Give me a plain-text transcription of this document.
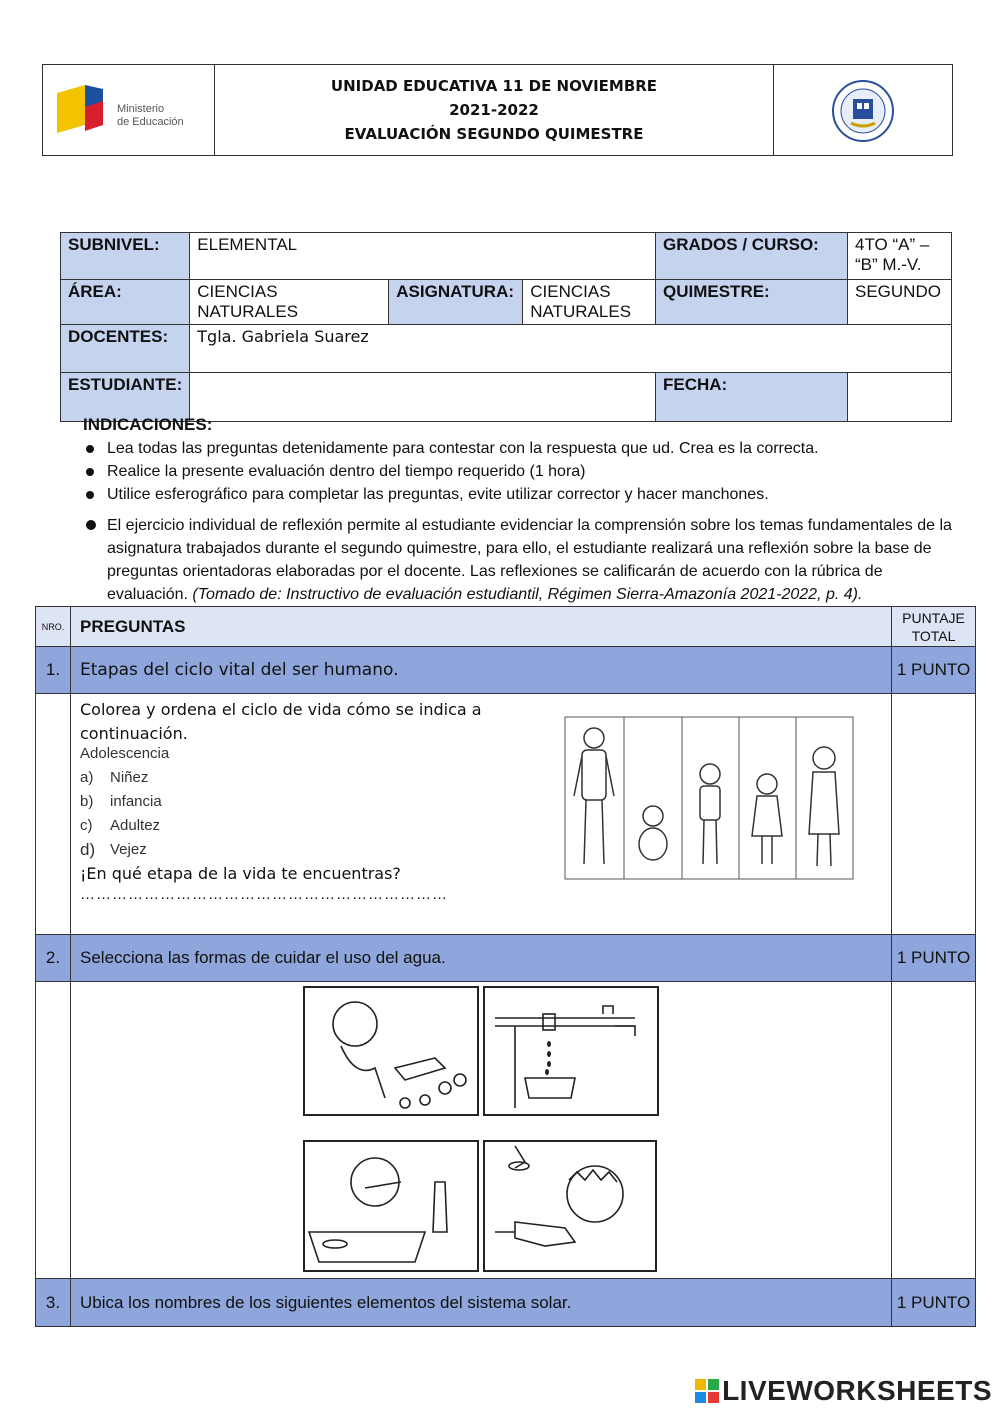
Ministerio
de Educación
UNIDAD EDUCATIVA 11 DE NOVIEMBRE
2021-2022
EVALUACIÓN SEGUNDO QUIMESTRE
SUBNIVEL:	ELEMENTAL			GRADOS / CURSO:	4TO “A” – “B” M.-V.
ÁREA:	CIENCIAS NATURALES	ASIGNATURA:	CIENCIAS NATURALES	QUIMESTRE:	SEGUNDO
DOCENTES:	Tgla. Gabriela Suarez				
ESTUDIANTE:				FECHA:	
INDICACIONES:
Lea todas las preguntas detenidamente para contestar con la respuesta que ud. Crea es la correcta.
Realice la presente evaluación dentro del tiempo requerido (1 hora)
Utilice esferográfico para completar las preguntas, evite utilizar corrector y hacer manchones.
El ejercicio individual de reflexión permite al estudiante evidenciar la comprensión sobre los temas fundamentales de la asignatura trabajados durante el segundo quimestre, para ello, el estudiante realizará una reflexión sobre la base de preguntas orientadoras elaboradas por el docente. Las reflexiones se calificarán de acuerdo con la rúbrica de evaluación. (Tomado de: Instructivo de evaluación estudiantil, Régimen Sierra-Amazonía 2021-2022, p. 4).
NRO. PREGUNTAS	PUNTAJE TOTAL
1.	Etapas del ciclo vital del ser humano.	1 PUNTO
Colorea y ordena el ciclo de vida cómo se indica a continuación.
Adolescencia
a)	Niñez
b)	infancia
c)	Adultez
d) Vejez
¡En qué etapa de la vida te encuentras?
……………………………………………………………
2.	Selecciona las formas de cuidar el uso del agua.	1 PUNTO
3.	Ubica los nombres de los siguientes elementos del sistema solar.	1 PUNTO
LIVEWORKSHEETS
